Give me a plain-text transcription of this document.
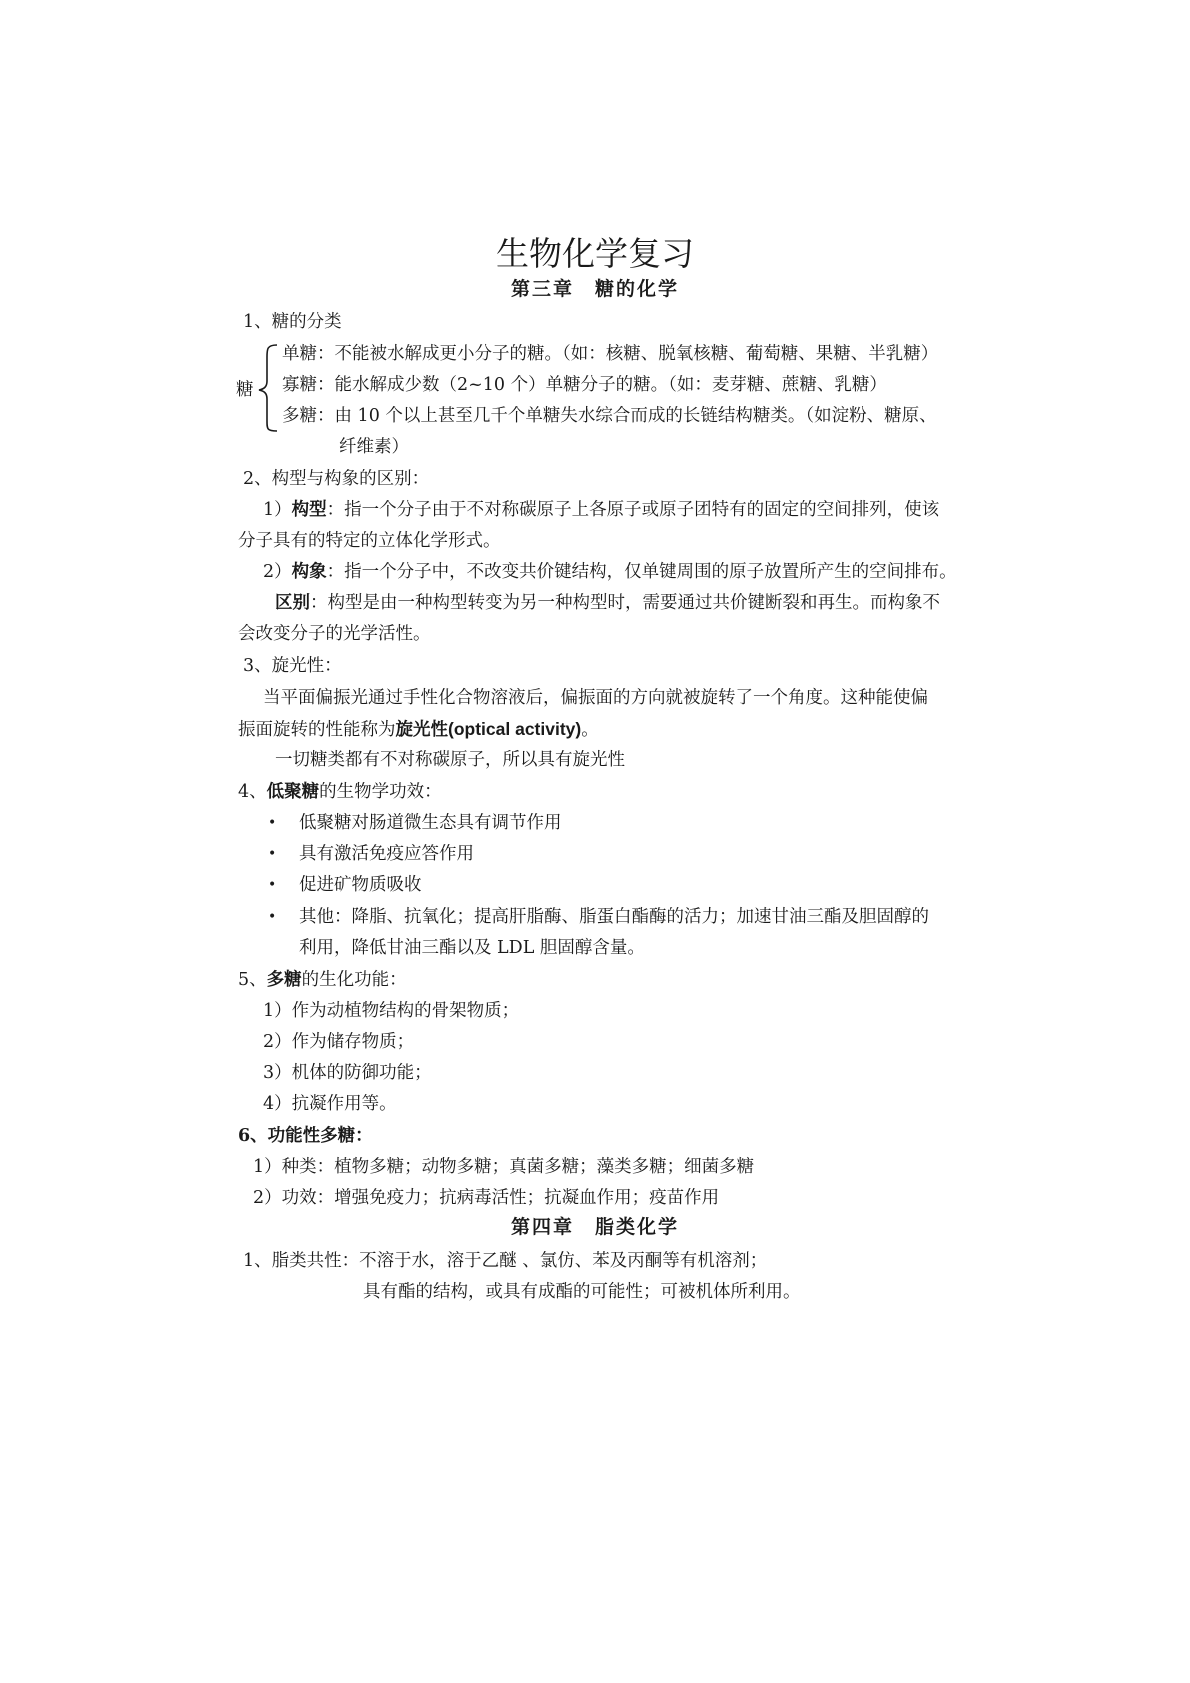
生物化学复习
第三章　糖的化学
1、糖的分类
糖
单糖：不能被水解成更小分子的糖。（如：核糖、脱氧核糖、葡萄糖、果糖、半乳糖）
寡糖：能水解成少数（2~10 个）单糖分子的糖。（如：麦芽糖、蔗糖、乳糖）
多糖：由 10 个以上甚至几千个单糖失水综合而成的长链结构糖类。（如淀粉、糖原、
纤维素）
2、构型与构象的区别：
1）构型：指一个分子由于不对称碳原子上各原子或原子团特有的固定的空间排列，使该
分子具有的特定的立体化学形式。
2）构象：指一个分子中，不改变共价键结构，仅单键周围的原子放置所产生的空间排布。
区别：构型是由一种构型转变为另一种构型时，需要通过共价键断裂和再生。而构象不
会改变分子的光学活性。
3、旋光性：
当平面偏振光通过手性化合物溶液后，偏振面的方向就被旋转了一个角度。这种能使偏
振面旋转的性能称为旋光性(optical activity)。
一切糖类都有不对称碳原子，所以具有旋光性
4、低聚糖的生物学功效：
• 低聚糖对肠道微生态具有调节作用
• 具有激活免疫应答作用
• 促进矿物质吸收
• 其他：降脂、抗氧化；提高肝脂酶、脂蛋白酯酶的活力；加速甘油三酯及胆固醇的
利用，降低甘油三酯以及 LDL 胆固醇含量。
5、多糖的生化功能：
1）作为动植物结构的骨架物质；
2）作为储存物质；
3）机体的防御功能；
4）抗凝作用等。
6、功能性多糖：
1）种类：植物多糖；动物多糖；真菌多糖；藻类多糖；细菌多糖
2）功效：增强免疫力；抗病毒活性；抗凝血作用；疫苗作用
第四章　脂类化学
1、脂类共性：不溶于水，溶于乙醚 、氯仿、苯及丙酮等有机溶剂；
具有酯的结构，或具有成酯的可能性；可被机体所利用。
